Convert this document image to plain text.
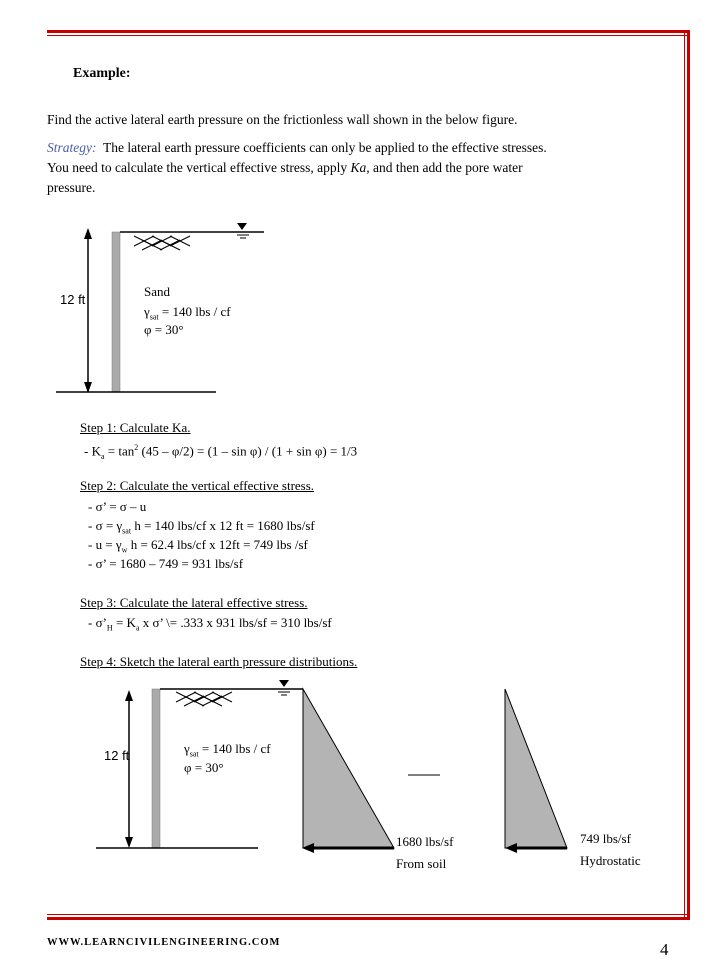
Example:
Find the active lateral earth pressure on the frictionless wall shown in the below figure.
Strategy: The lateral earth pressure coefficients can only be applied to the effective stresses.
You need to calculate the vertical effective stress, apply Ka, and then add the pore water
pressure.
12 ft
Sand
$\gamma_{sat} = 140$ lbs / cf
φ = 30°
Step 1: Calculate Ka.
- $K_a = \tan^2 (45 - \varphi/2) = (1 - \sin \varphi) / (1 + \sin \varphi) = 1/3$
Step 2: Calculate the vertical effective stress.
- σ’ = σ – u
- $\sigma = \gamma_{sat}$ h = 140 lbs/cf x 12 ft = 1680 lbs/sf
- $u = \gamma_w$ h = 62.4 lbs/cf x 12ft = 749 lbs /sf
- σ’ = 1680 – 749 = 931 lbs/sf
Step 3: Calculate the lateral effective stress.
- $\sigma’_H = K_a$ x σ’ \= .333 x 931 lbs/sf = 310 lbs/sf
Step 4: Sketch the lateral earth pressure distributions.
12 ft	$\gamma_{sat} = 140$ lbs / cf
φ = 30°
1680 lbs/sf
From soil
749 lbs/sf
Hydrostatic
WWW.LEARNCIVILENGINEERING.COM	4
